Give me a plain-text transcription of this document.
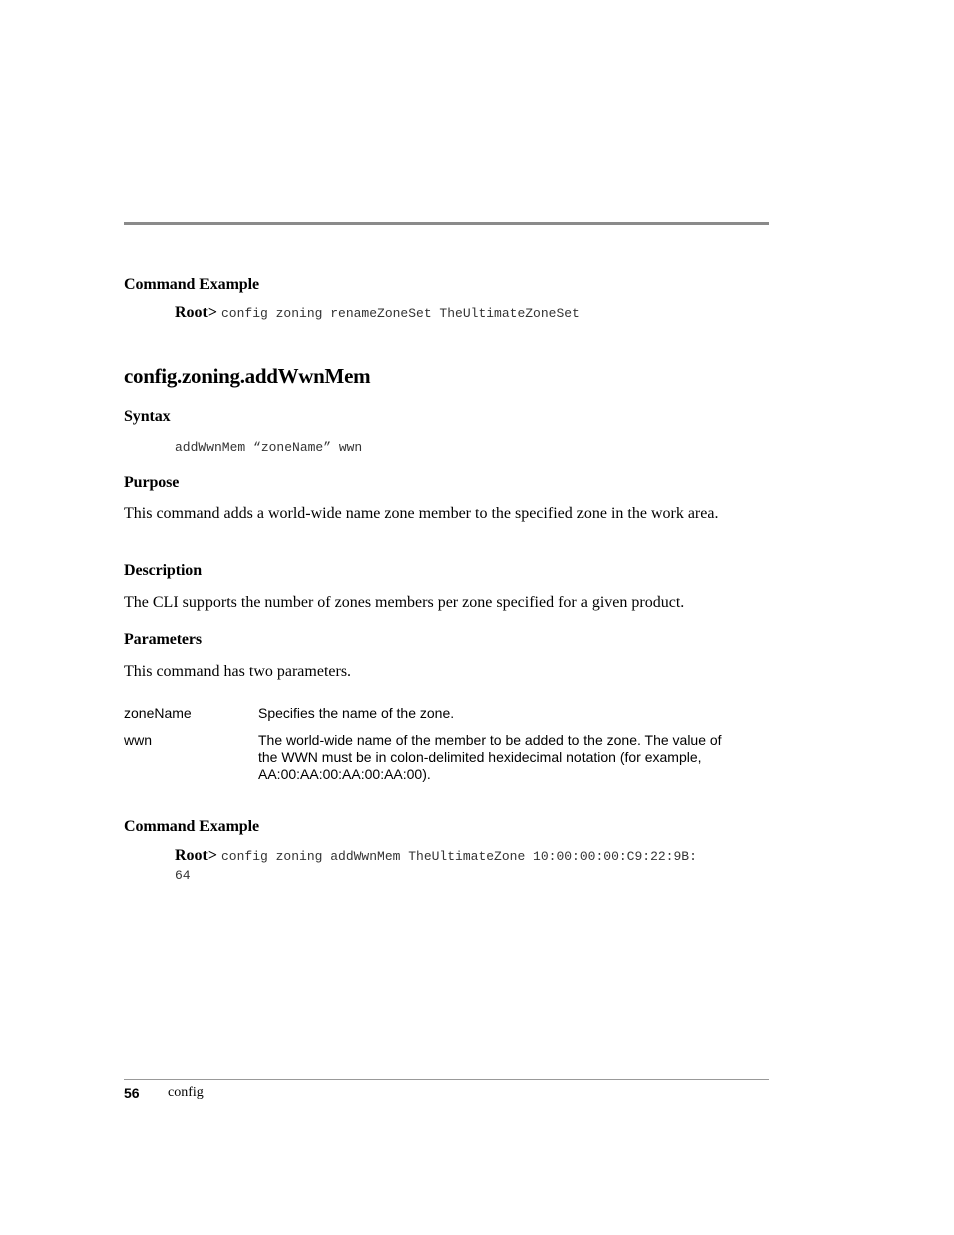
Command Example
Root> config zoning renameZoneSet TheUltimateZoneSet
config.zoning.addWwnMem
Syntax
addWwnMem “zoneName” wwn
Purpose
This command adds a world-wide name zone member to the specified zone in the work area.
Description
The CLI supports the number of zones members per zone specified for a given product.
Parameters
This command has two parameters.
zoneName	Specifies the name of the zone.
wwn	The world-wide name of the member to be added to the zone. The value of the WWN must be in colon-delimited hexidecimal notation (for example, AA:00:AA:00:AA:00:AA:00).
Command Example
Root> config zoning addWwnMem TheUltimateZone 10:00:00:00:C9:22:9B:
64
56 config
